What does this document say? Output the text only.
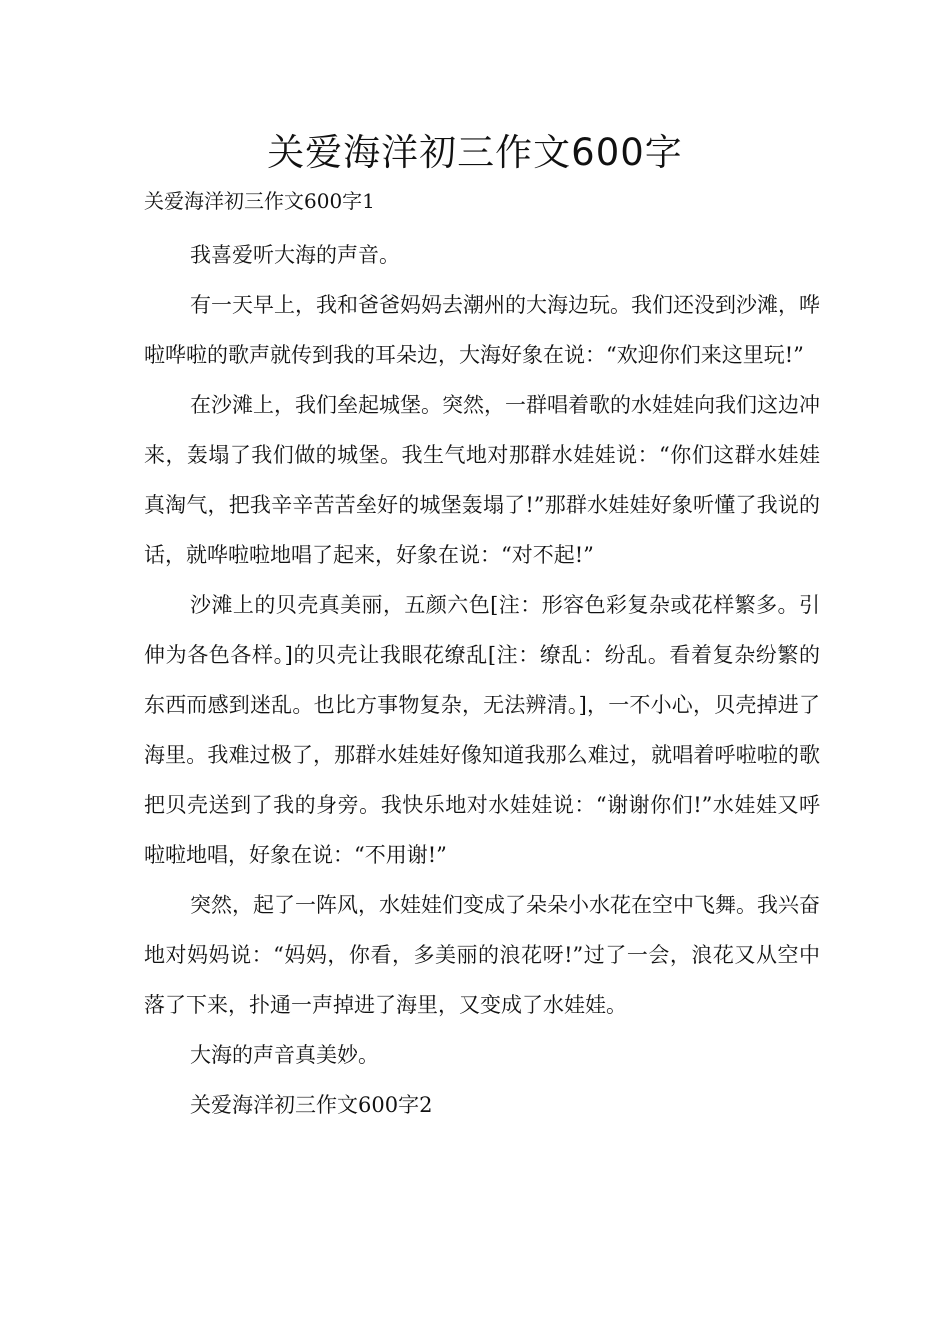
关爱海洋初三作文600字

关爱海洋初三作文600字1

我喜爱听大海的声音。

有一天早上，我和爸爸妈妈去潮州的大海边玩。我们还没到沙滩，哗啦哗啦的歌声就传到我的耳朵边，大海好象在说：“欢迎你们来这里玩!”

在沙滩上，我们垒起城堡。突然，一群唱着歌的水娃娃向我们这边冲来，轰塌了我们做的城堡。我生气地对那群水娃娃说：“你们这群水娃娃真淘气，把我辛辛苦苦垒好的城堡轰塌了!”那群水娃娃好象听懂了我说的话，就哗啦啦地唱了起来，好象在说：“对不起!”

沙滩上的贝壳真美丽，五颜六色[注：形容色彩复杂或花样繁多。引伸为各色各样。]的贝壳让我眼花缭乱[注：缭乱：纷乱。看着复杂纷繁的东西而感到迷乱。也比方事物复杂，无法辨清。]，一不小心，贝壳掉进了海里。我难过极了，那群水娃娃好像知道我那么难过，就唱着呼啦啦的歌把贝壳送到了我的身旁。我快乐地对水娃娃说：“谢谢你们!”水娃娃又呼啦啦地唱，好象在说：“不用谢!”

突然，起了一阵风，水娃娃们变成了朵朵小水花在空中飞舞。我兴奋地对妈妈说：“妈妈，你看，多美丽的浪花呀!”过了一会，浪花又从空中落了下来，扑通一声掉进了海里，又变成了水娃娃。

大海的声音真美妙。

关爱海洋初三作文600字2
